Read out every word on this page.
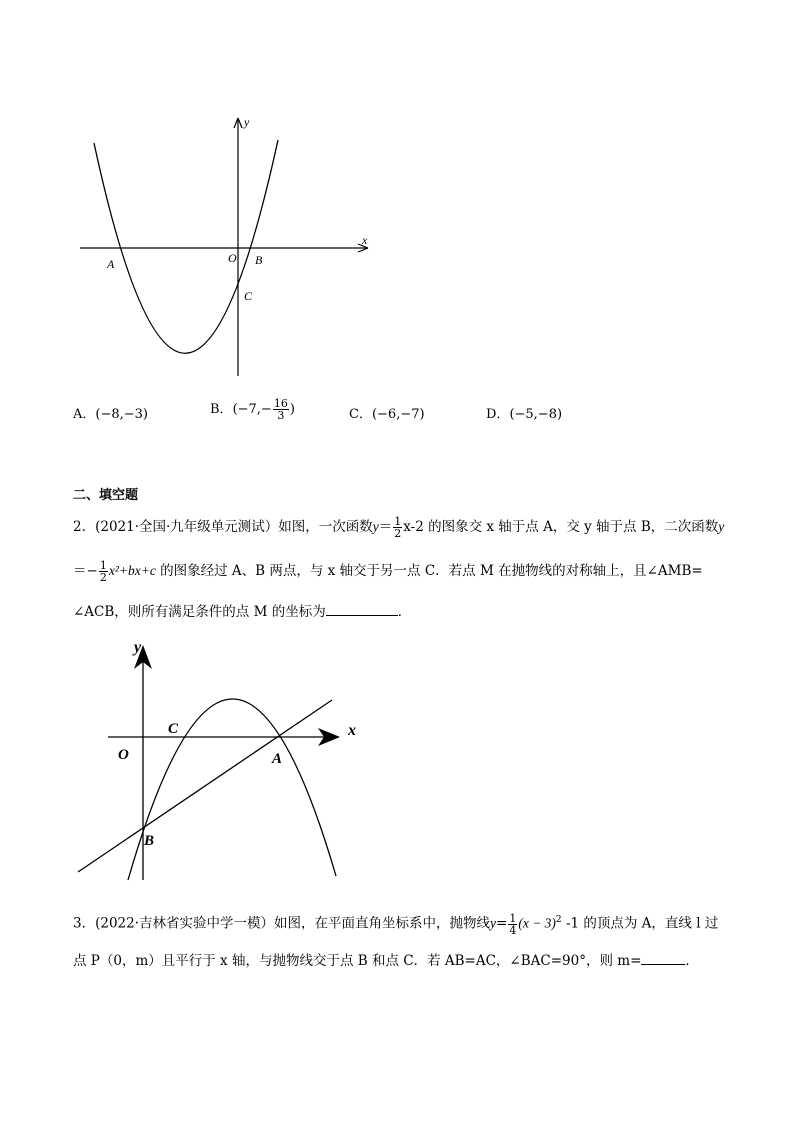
y
x
A	O B
C
A．(−8,−3)	B．($-7,- \frac{16}{3}$ )	C．(−6,−7)	D．(−5,−8)
二、填空题
2．(2021·全国·九年级单元测试）如图，一次函数$y= \frac{1}{2} x-2$ 的图象交 x 轴于点 A，交 y 轴于点 B，二次函数y
＝− $\frac{1}{2} x^2+bx+c$ 的图象经过 A、B 两点，与 x 轴交于另一点 C．若点 M 在抛物线的对称轴上，且∠AMB=
∠ACB，则所有满足条件的点 M 的坐标为	．
y
x
O
C
A
B
3．(2022·吉林省实验中学一模）如图，在平面直角坐标系中，抛物线$y= \frac{1}{4} (x - 3)^2$ -1 的顶点为 A，直线 l 过
点 P（0，m）且平行于 x 轴，与抛物线交于点 B 和点 C．若 AB=AC，∠BAC=90°，则 m=	．
